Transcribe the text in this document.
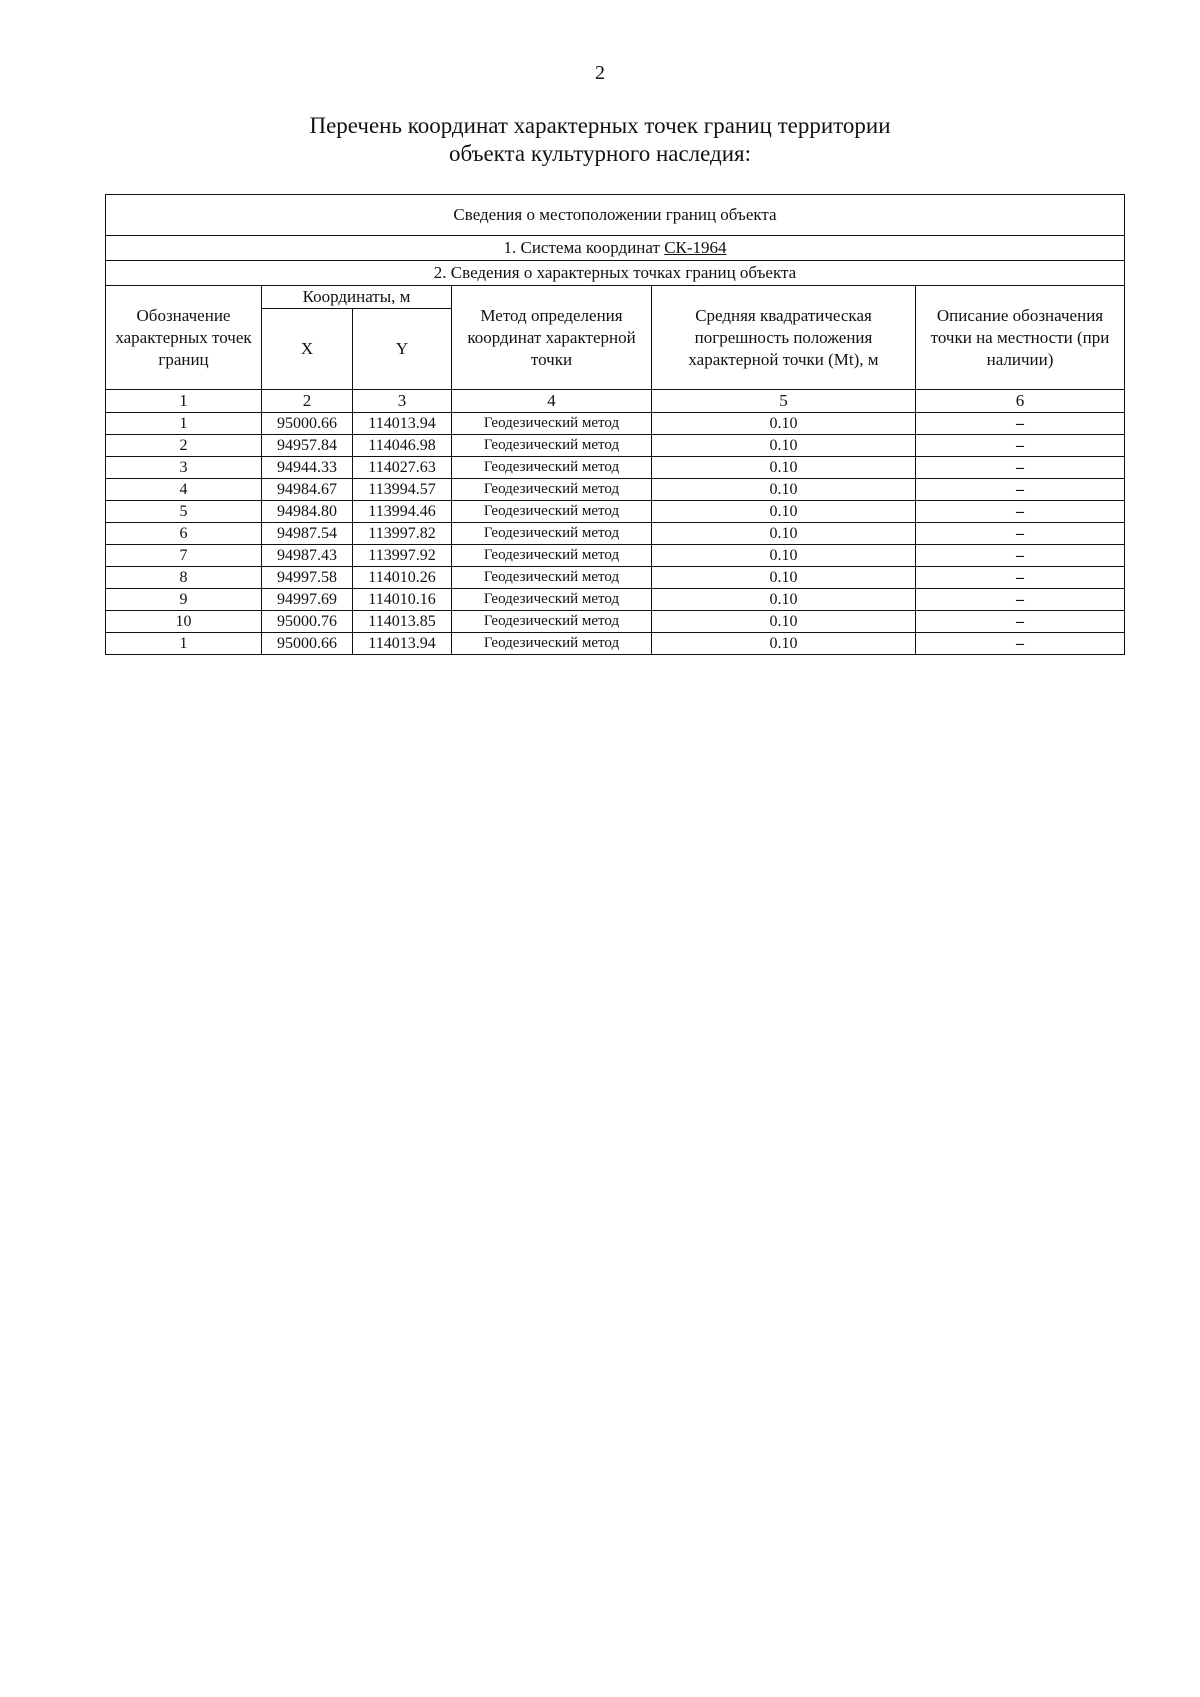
2
Перечень координат характерных точек границ территории
объекта культурного наследия:
Сведения о местоположении границ объекта					
1. Система координат СК-1964					
2. Сведения о характерных точках границ объекта					
Обозначение характерных точек границ	Координаты, м		Метод определения координат характерной точки	Средняя квадратическая погрешность положения характерной точки (Mt), м	Описание обозначения точки на местности (при наличии)
	X	Y			
1	2	3	4	5	6
1	95000.66	114013.94	Геодезический метод	0.10	–
2	94957.84	114046.98	Геодезический метод	0.10	–
3	94944.33	114027.63	Геодезический метод	0.10	–
4	94984.67	113994.57	Геодезический метод	0.10	–
5	94984.80	113994.46	Геодезический метод	0.10	–
6	94987.54	113997.82	Геодезический метод	0.10	–
7	94987.43	113997.92	Геодезический метод	0.10	–
8	94997.58	114010.26	Геодезический метод	0.10	–
9	94997.69	114010.16	Геодезический метод	0.10	–
10	95000.76	114013.85	Геодезический метод	0.10	–
1	95000.66	114013.94	Геодезический метод	0.10	–
